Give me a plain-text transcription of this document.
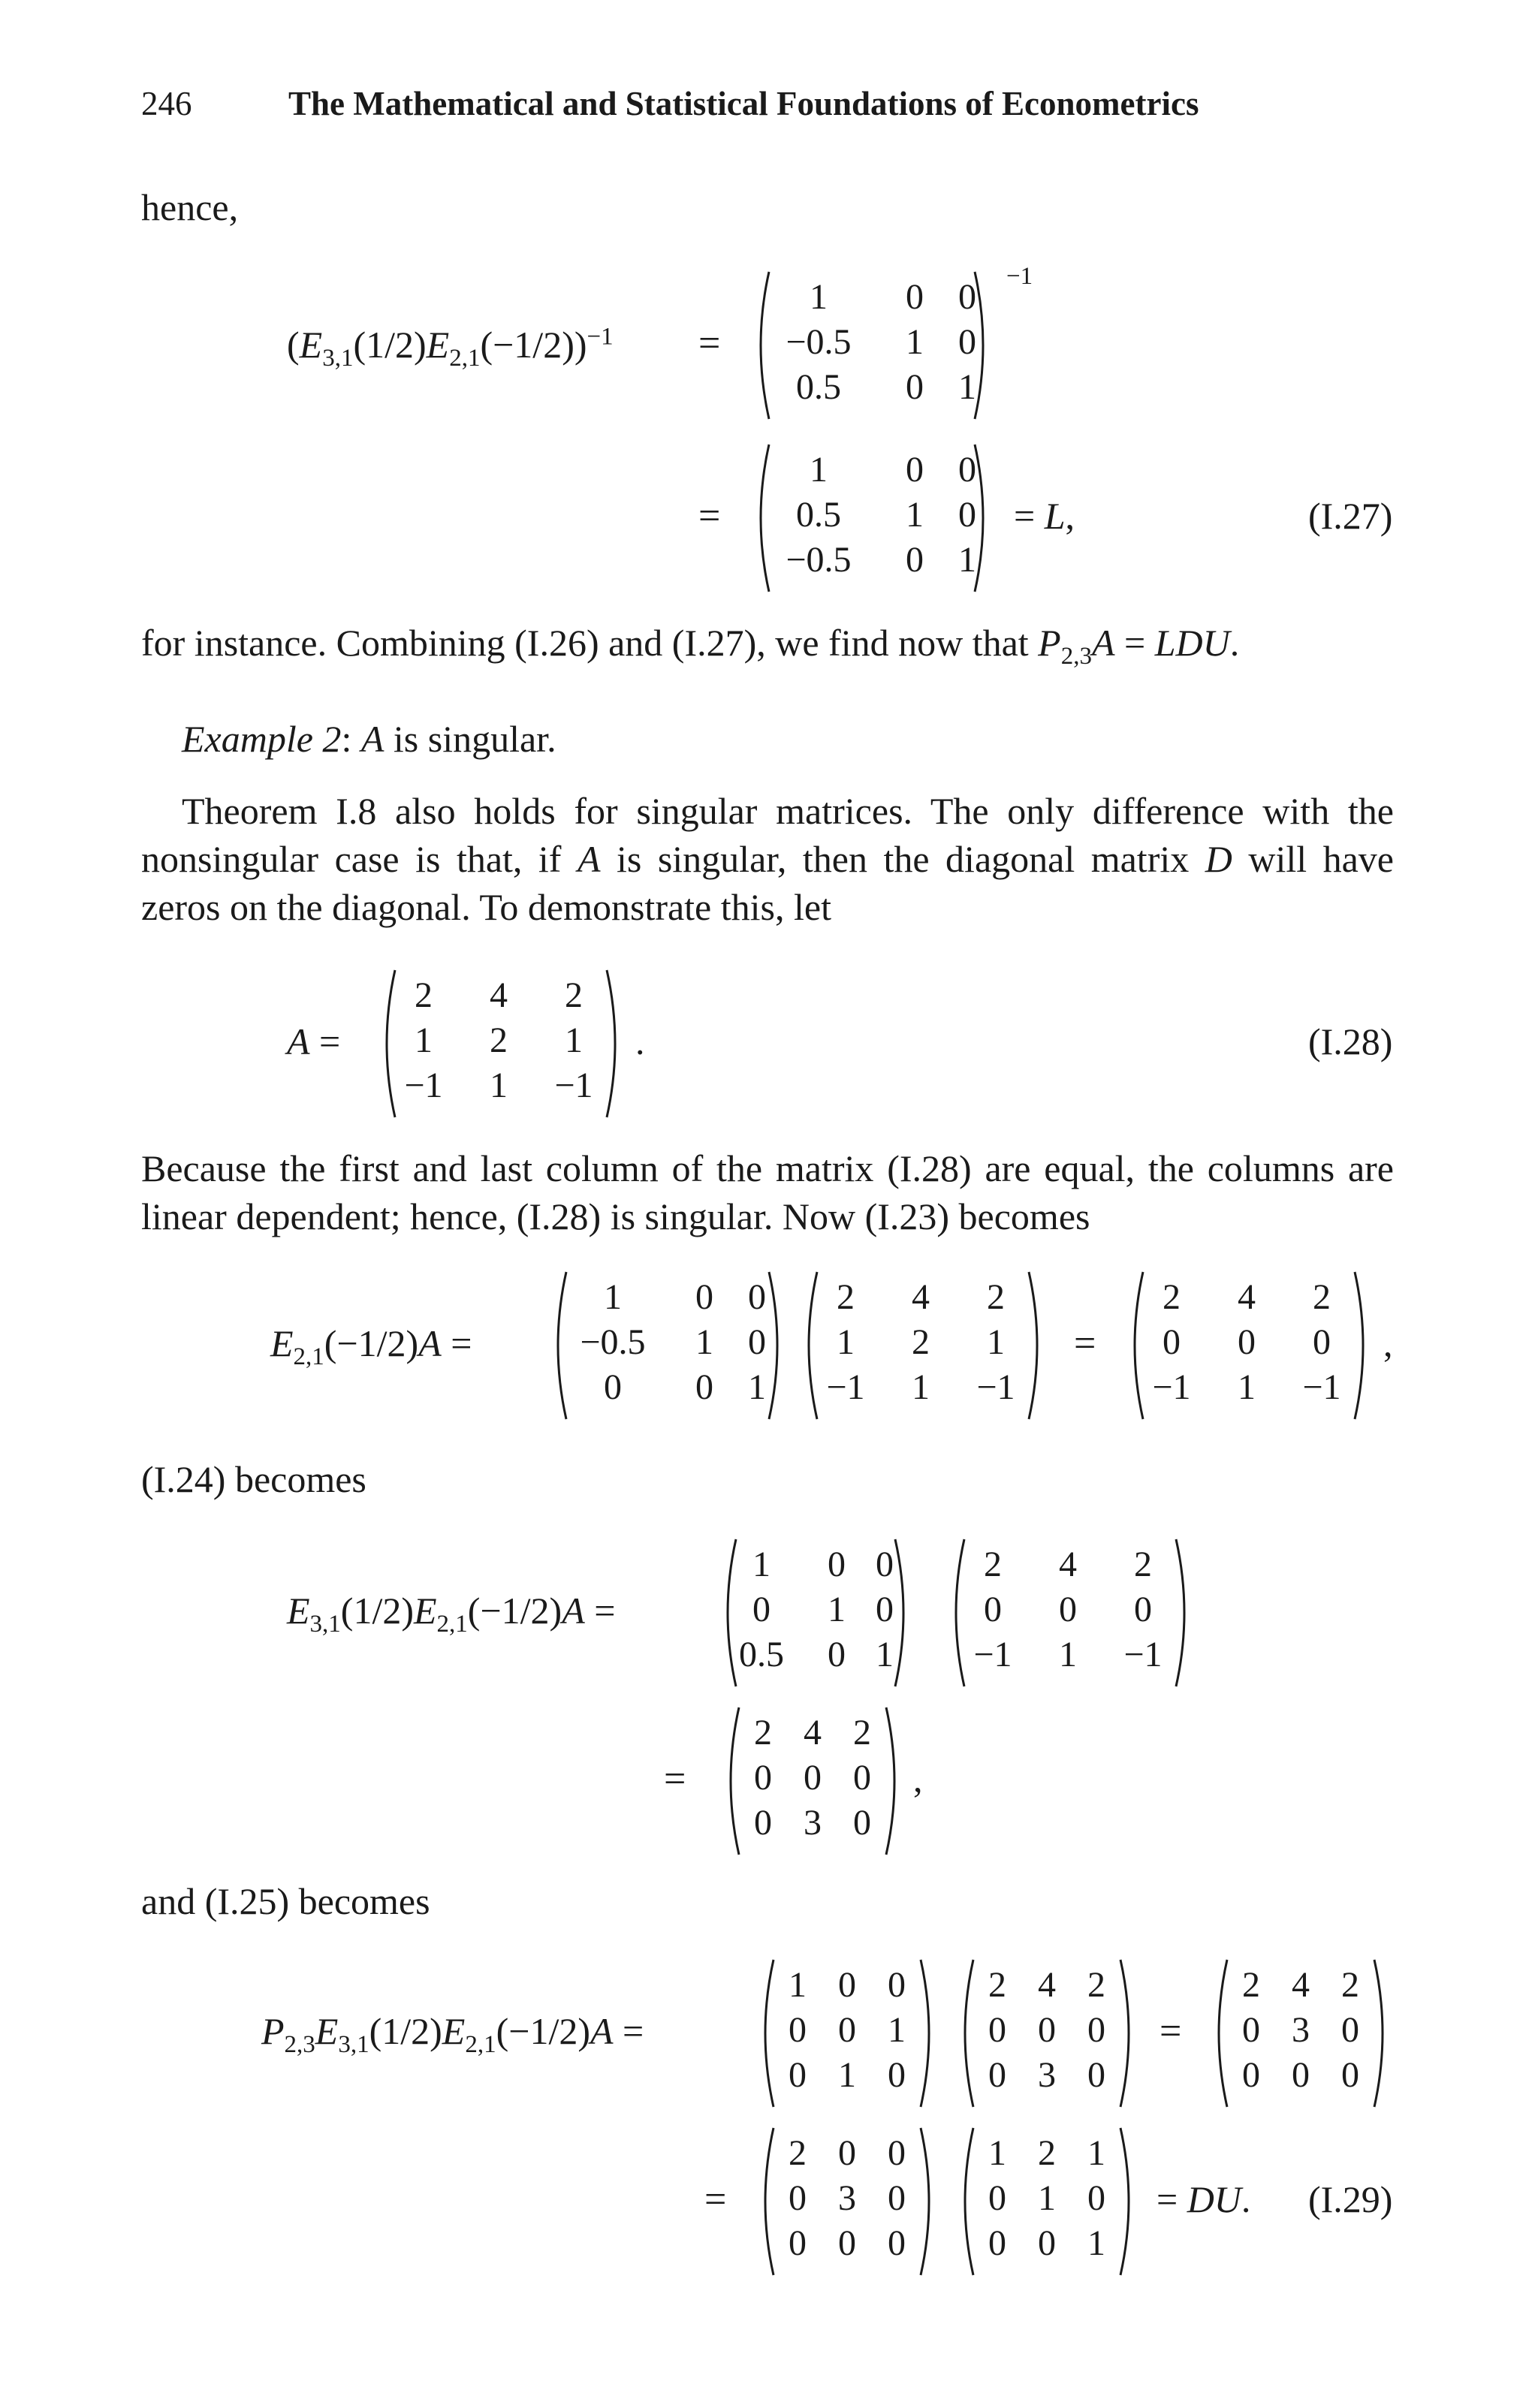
246	The Mathematical and Statistical Foundations of Econometrics
hence,
$(E_{3,1}(1/2)E_{2,1}(-1/2))^{-1}$ =
1	0 0
−0.5	1 0
0.5	0 1
−1
=
1	0 0
0.5	1 0
−0.5	0 1
= L,	(I.27)
for instance. Combining (I.26) and (I.27), we find now that $P_{2,3}A$ = LDU.
Example 2: A is singular.
Theorem I.8 also holds for singular matrices. The only difference with the
nonsingular case is that, if A is singular, then the diagonal matrix D will have
zeros on the diagonal. To demonstrate this, let
A =
2	4	2
1	2	1
−1	1	−1
.	(I.28)
Because the first and last column of the matrix (I.28) are equal, the columns are
linear dependent; hence, (I.28) is singular. Now (I.23) becomes
$E_{2,1}(-1/2)A$ =
1	0 0
−0.5	1 0
0	0 1
2	4	2
1	2	1
−1	1	−1
=
2	4	2
0	0	0
−1	1	−1
,
(I.24) becomes
$E_{3,1}(1/2)E_{2,1}(-1/2)A$ =
1	0 0
0	1 0
0.5	0 1
2	4	2
0	0	0
−1	1	−1
=
2 4 2
0 0 0
0 3 0
,
and (I.25) becomes
$P_{2,3}E_{3,1}(1/2)E_{2,1}(-1/2)A$ =
1 0 0
0 0 1
0 1 0
2 4 2
0 0 0
0 3 0
=
2 4 2
0 3 0
0 0 0
=
2 0 0
0 3 0
0 0 0
1 2 1
0 1 0
0 0 1
= DU. (I.29)
